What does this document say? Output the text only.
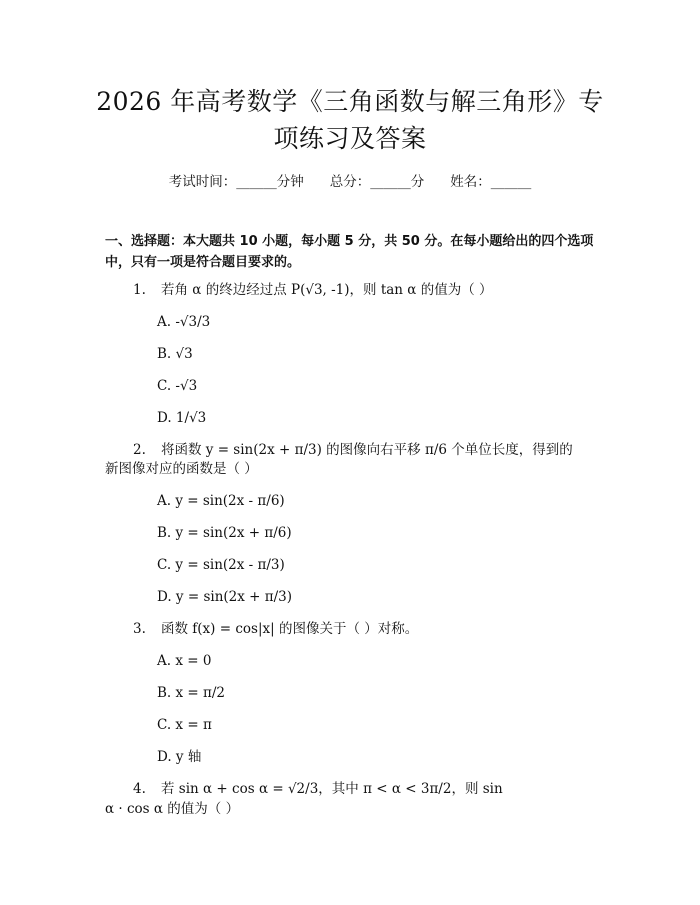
2026 年高考数学《三角函数与解三角形》专
项练习及答案
考试时间：______分钟 总分：______分 姓名：______
一、选择题：本大题共 10 小题，每小题 5 分，共 50 分。在每小题给出的四个选项中，只有一项是符合题目要求的。
1. 若角 α 的终边经过点 P(√3, -1)，则 tan α 的值为（ ）
A. -√3/3
B. √3
C. -√3
D. 1/√3
2. 将函数 y = sin(2x + π/3) 的图像向右平移 π/6 个单位长度，得到的
新图像对应的函数是（ ）
A. y = sin(2x - π/6)
B. y = sin(2x + π/6)
C. y = sin(2x - π/3)
D. y = sin(2x + π/3)
3. 函数 f(x) = cos|x| 的图像关于（ ）对称。
A. x = 0
B. x = π/2
C. x = π
D. y 轴
4. 若 sin α + cos α = √2/3，其中 π < α < 3π/2，则 sin
α · cos α 的值为（ ）
